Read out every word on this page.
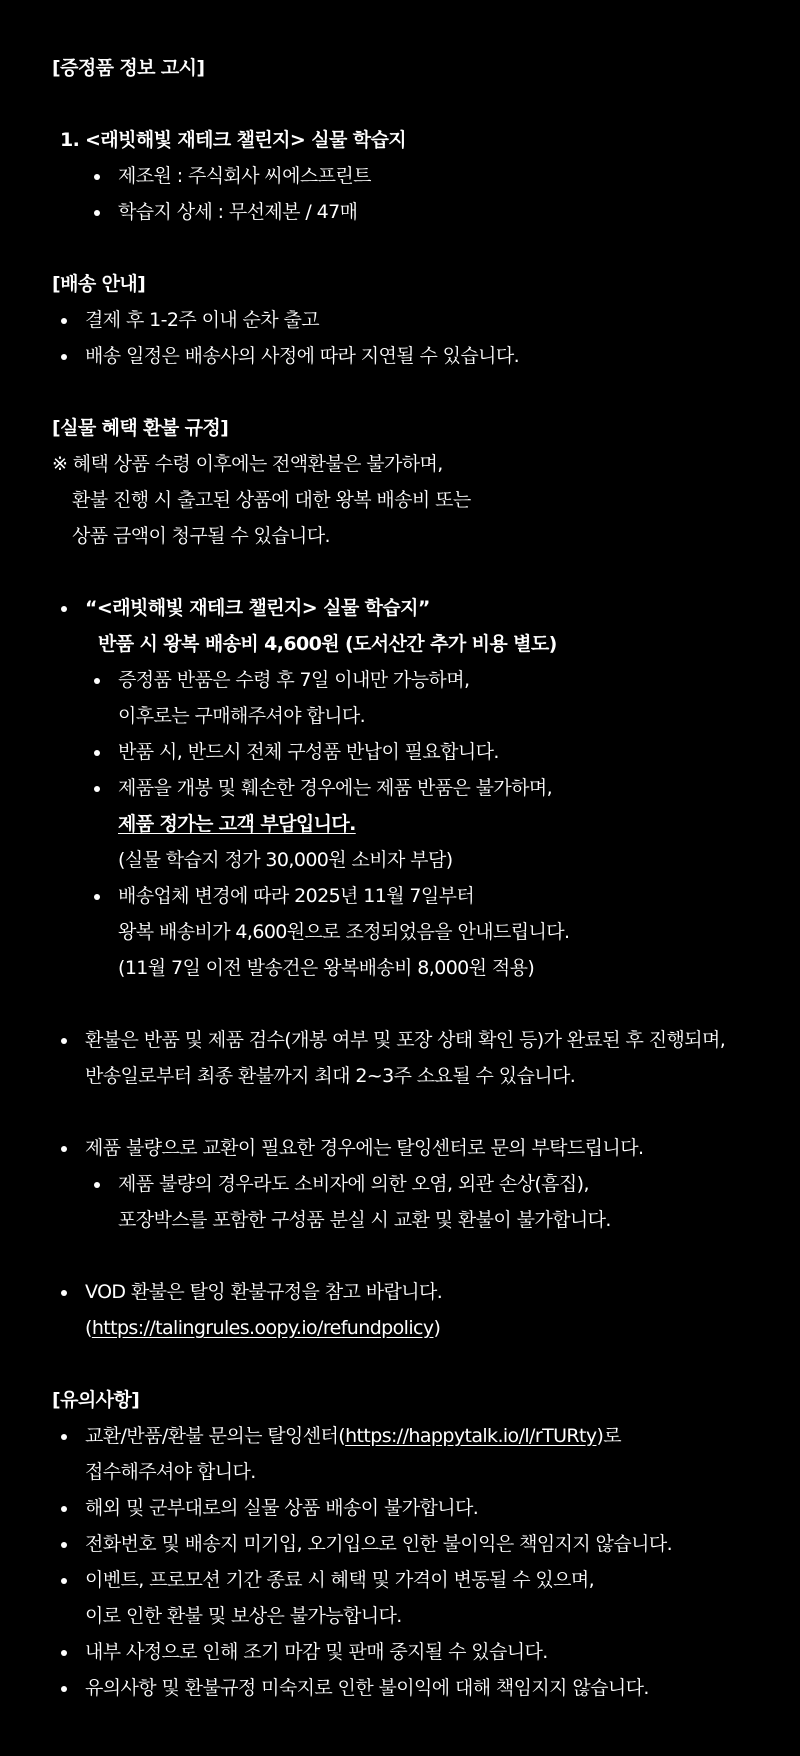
[증정품 정보 고시]
1. <래빗해빛 재테크 챌린지> 실물 학습지
제조원 : 주식회사 씨에스프린트
학습지 상세 : 무선제본 / 47매
[배송 안내]
결제 후 1-2주 이내 순차 출고
배송 일정은 배송사의 사정에 따라 지연될 수 있습니다.
[실물 혜택 환불 규정]
※ 혜택 상품 수령 이후에는 전액환불은 불가하며,
환불 진행 시 출고된 상품에 대한 왕복 배송비 또는
상품 금액이 청구될 수 있습니다.
“<래빗해빛 재테크 챌린지> 실물 학습지”
반품 시 왕복 배송비 4,600원 (도서산간 추가 비용 별도)
증정품 반품은 수령 후 7일 이내만 가능하며,
이후로는 구매해주셔야 합니다.
반품 시, 반드시 전체 구성품 반납이 필요합니다.
제품을 개봉 및 훼손한 경우에는 제품 반품은 불가하며,
제품 정가는 고객 부담입니다.
(실물 학습지 정가 30,000원 소비자 부담)
배송업체 변경에 따라 2025년 11월 7일부터
왕복 배송비가 4,600원으로 조정되었음을 안내드립니다.
(11월 7일 이전 발송건은 왕복배송비 8,000원 적용)
환불은 반품 및 제품 검수(개봉 여부 및 포장 상태 확인 등)가 완료된 후 진행되며,
반송일로부터 최종 환불까지 최대 2~3주 소요될 수 있습니다.
제품 불량으로 교환이 필요한 경우에는 탈잉센터로 문의 부탁드립니다.
제품 불량의 경우라도 소비자에 의한 오염, 외관 손상(흠집),
포장박스를 포함한 구성품 분실 시 교환 및 환불이 불가합니다.
VOD 환불은 탈잉 환불규정을 참고 바랍니다.
(https://talingrules.oopy.io/refundpolicy)
[유의사항]
교환/반품/환불 문의는 탈잉센터(https://happytalk.io/l/rTURty)로
접수해주셔야 합니다.
해외 및 군부대로의 실물 상품 배송이 불가합니다.
전화번호 및 배송지 미기입, 오기입으로 인한 불이익은 책임지지 않습니다.
이벤트, 프로모션 기간 종료 시 혜택 및 가격이 변동될 수 있으며,
이로 인한 환불 및 보상은 불가능합니다.
내부 사정으로 인해 조기 마감 및 판매 중지될 수 있습니다.
유의사항 및 환불규정 미숙지로 인한 불이익에 대해 책임지지 않습니다.
